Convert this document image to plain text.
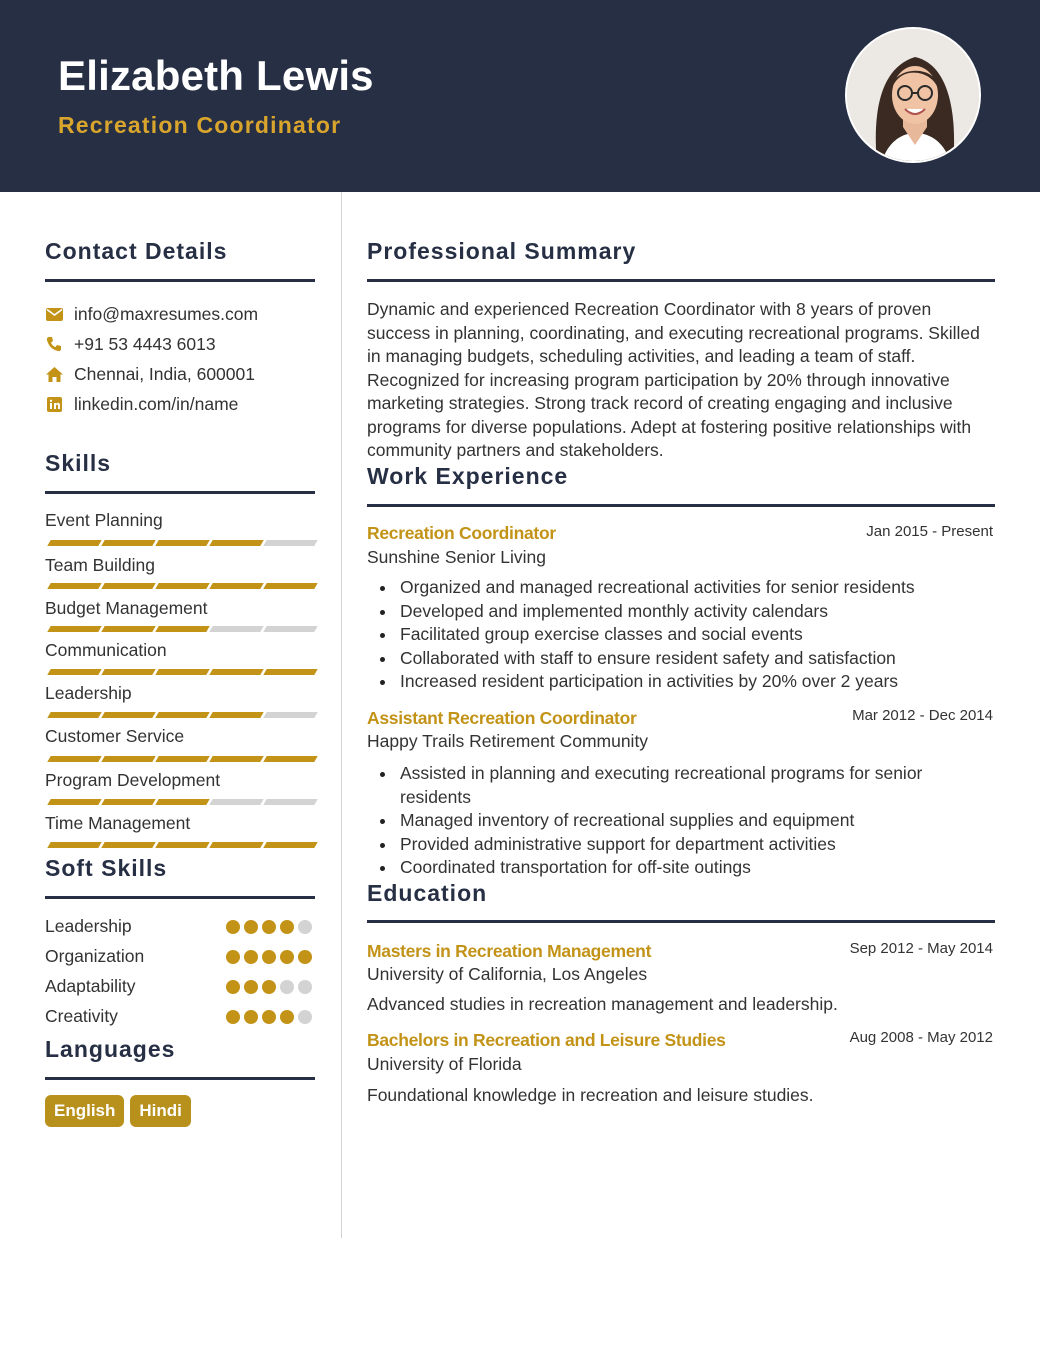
Elizabeth Lewis
Recreation Coordinator
Contact Details
info@maxresumes.com
+91 53 4443 6013
Chennai, India, 600001
linkedin.com/in/name
Skills
Event Planning
Team Building
Budget Management
Communication
Leadership
Customer Service
Program Development
Time Management
Soft Skills
Leadership
Organization
Adaptability
Creativity
Languages
English	Hindi
Professional Summary
Dynamic and experienced Recreation Coordinator with 8 years of proven success in planning, coordinating, and executing recreational programs. Skilled in managing budgets, scheduling activities, and leading a team of staff. Recognized for increasing program participation by 20% through innovative marketing strategies. Strong track record of creating engaging and inclusive programs for diverse populations. Adept at fostering positive relationships with community partners and stakeholders.
Work Experience
Recreation Coordinator	Jan 2015 - Present
Sunshine Senior Living
Organized and managed recreational activities for senior residents
Developed and implemented monthly activity calendars
Facilitated group exercise classes and social events
Collaborated with staff to ensure resident safety and satisfaction
Increased resident participation in activities by 20% over 2 years
Assistant Recreation Coordinator	Mar 2012 - Dec 2014
Happy Trails Retirement Community
Assisted in planning and executing recreational programs for senior residents
Managed inventory of recreational supplies and equipment
Provided administrative support for department activities
Coordinated transportation for off-site outings
Education
Masters in Recreation Management	Sep 2012 - May 2014
University of California, Los Angeles
Advanced studies in recreation management and leadership.
Bachelors in Recreation and Leisure Studies	Aug 2008 - May 2012
University of Florida
Foundational knowledge in recreation and leisure studies.
